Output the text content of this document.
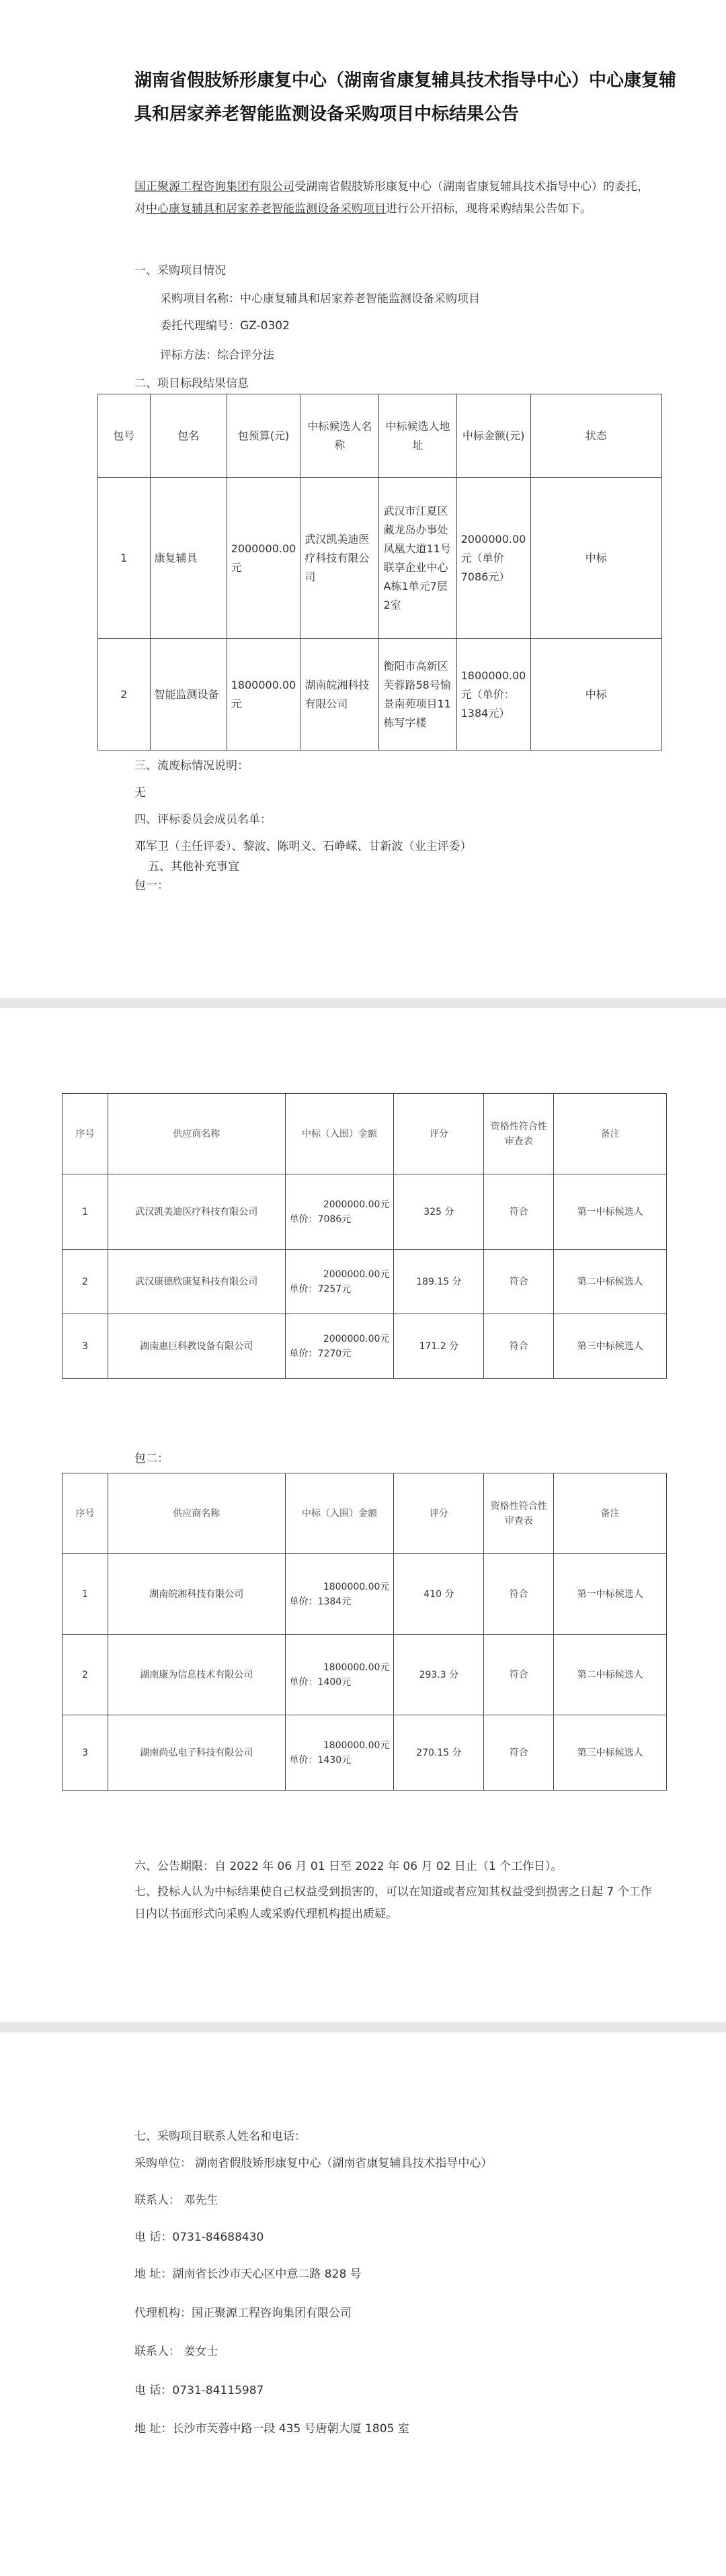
湖南省假肢矫形康复中心（湖南省康复辅具技术指导中心）中心康复辅具和居家养老智能监测设备采购项目中标结果公告
国正聚源工程咨询集团有限公司受湖南省假肢矫形康复中心（湖南省康复辅具技术指导中心）的委托，对中心康复辅具和居家养老智能监测设备采购项目进行公开招标，现将采购结果公告如下。
一、采购项目情况
采购项目名称：中心康复辅具和居家养老智能监测设备采购项目
委托代理编号：GZ-0302
评标方法：综合评分法
二、项目标段结果信息
包号	包名	包预算(元)	中标候选人名称	中标候选人地址	中标金额(元)	状态
1	康复辅具	2000000.00元	武汉凯美迪医疗科技有限公司	武汉市江夏区藏龙岛办事处凤凰大道11号联享企业中心A栋1单元7层2室	2000000.00元（单价7086元）	中标
2	智能监测设备	1800000.00元	湖南皖湘科技有限公司	衡阳市高新区芙蓉路58号愉景南苑项目11栋写字楼	1800000.00元（单价：1384元）	中标
三、流废标情况说明：
无
四、评标委员会成员名单：
邓军卫（主任评委）、黎波、陈明义、石峥嵘、甘新波（业主评委）
五、其他补充事宜
包一：
序号	供应商名称	中标（入围）金额	评分	资格性符合性审查表	备注
1	武汉凯美迪医疗科技有限公司	2000000.00元
单价：7086元	325 分	符合	第一中标候选人
2	武汉康德欣康复科技有限公司	2000000.00元
单价：7257元	189.15 分	符合	第二中标候选人
3	湖南惠巨科教设备有限公司	2000000.00元
单价：7270元	171.2 分	符合	第三中标候选人
包二：
序号	供应商名称	中标（入围）金额	评分	资格性符合性审查表	备注
1	湖南皖湘科技有限公司	1800000.00元
单价：1384元	410 分	符合	第一中标候选人
2	湖南康为信息技术有限公司	1800000.00元
单价：1400元	293.3 分	符合	第二中标候选人
3	湖南尚弘电子科技有限公司	1800000.00元
单价：1430元	270.15 分	符合	第三中标候选人
六、公告期限：自 2022 年 06 月 01 日至 2022 年 06 月 02 日止（1 个工作日）。
七、投标人认为中标结果使自己权益受到损害的，可以在知道或者应知其权益受到损害之日起 7 个工作日内以书面形式向采购人或采购代理机构提出质疑。
七、采购项目联系人姓名和电话：
采购单位： 湖南省假肢矫形康复中心（湖南省康复辅具技术指导中心）
联系人： 邓先生
电 话：0731-84688430
地 址：湖南省长沙市天心区中意二路 828 号
代理机构：国正聚源工程咨询集团有限公司
联系人： 姜女士
电 话：0731-84115987
地 址：长沙市芙蓉中路一段 435 号唐朝大厦 1805 室
